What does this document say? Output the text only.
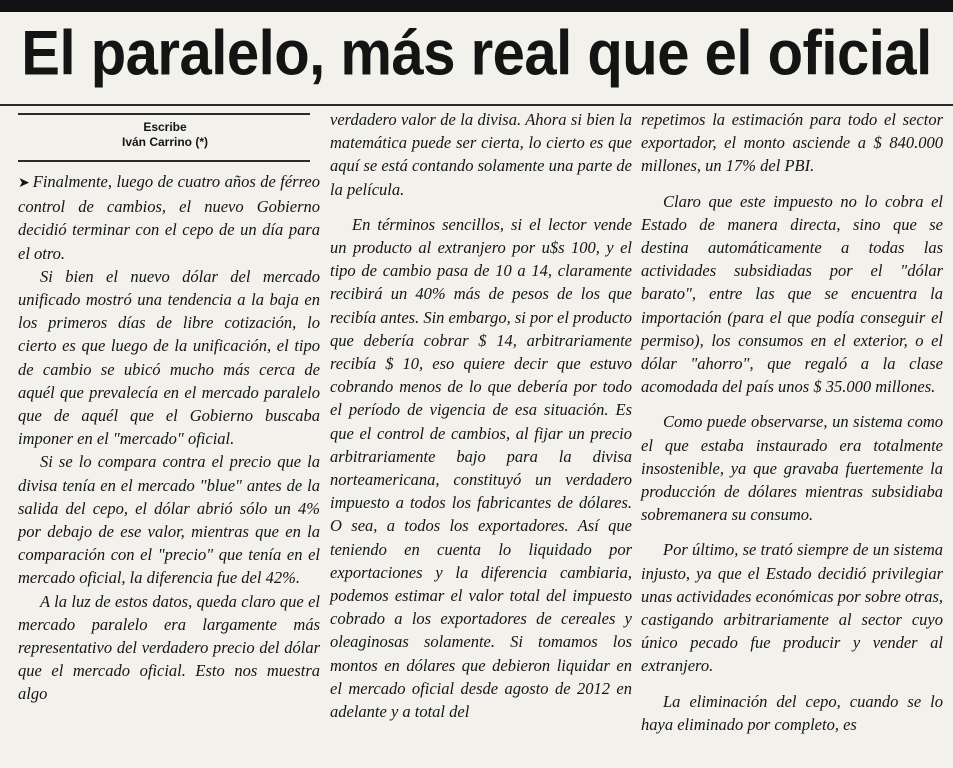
El paralelo, más real que el oficial
Escribe
Iván Carrino (*)

➤ Finalmente, luego de cuatro años de férreo control de cambios, el nuevo Gobierno decidió terminar con el cepo de un día para el otro.

Si bien el nuevo dólar del mercado unificado mostró una tendencia a la baja en los primeros días de libre cotización, lo cierto es que luego de la unificación, el tipo de cambio se ubicó mucho más cerca de aquél que prevalecía en el mercado paralelo que de aquél que el Gobierno buscaba imponer en el "mercado" oficial.

Si se lo compara contra el precio que la divisa tenía en el mercado "blue" antes de la salida del cepo, el dólar abrió sólo un 4% por debajo de ese valor, mientras que en la comparación con el "precio" que tenía en el mercado oficial, la diferencia fue del 42%.

A la luz de estos datos, queda claro que el mercado paralelo era largamente más representativo del verdadero precio del dólar que el mercado oficial. Esto nos muestra algo

verdadero valor de la divisa. Ahora si bien la matemática puede ser cierta, lo cierto es que aquí se está contando solamente una parte de la película.

En términos sencillos, si el lector vende un producto al extranjero por u$s 100, y el tipo de cambio pasa de 10 a 14, claramente recibirá un 40% más de pesos de los que recibía antes. Sin embargo, si por el producto que debería cobrar $ 14, arbitrariamente recibía $ 10, eso quiere decir que estuvo cobrando menos de lo que debería por todo el período de vigencia de esa situación. Es que el control de cambios, al fijar un precio arbitrariamente bajo para la divisa norteamericana, constituyó un verdadero impuesto a todos los fabricantes de dólares. O sea, a todos los exportadores. Así que teniendo en cuenta lo liquidado por exportaciones y la diferencia cambiaria, podemos estimar el valor total del impuesto cobrado a los exportadores de cereales y oleaginosas solamente. Si tomamos los montos en dólares que debieron liquidar en el mercado oficial desde agosto de 2012 en adelante y a total del

repetimos la estimación para todo el sector exportador, el monto asciende a $ 840.000 millones, un 17% del PBI.

Claro que este impuesto no lo cobra el Estado de manera directa, sino que se destina automáticamente a todas las actividades subsidiadas por el "dólar barato", entre las que se encuentra la importación (para el que podía conseguir el permiso), los consumos en el exterior, o el dólar "ahorro", que regaló a la clase acomodada del país unos $ 35.000 millones.

Como puede observarse, un sistema como el que estaba instaurado era totalmente insostenible, ya que gravaba fuertemente la producción de dólares mientras subsidiaba sobremanera su consumo.

Por último, se trató siempre de un sistema injusto, ya que el Estado decidió privilegiar unas actividades económicas por sobre otras, castigando arbitrariamente al sector cuyo único pecado fue producir y vender al extranjero.

La eliminación del cepo, cuando se lo haya eliminado por completo, es
